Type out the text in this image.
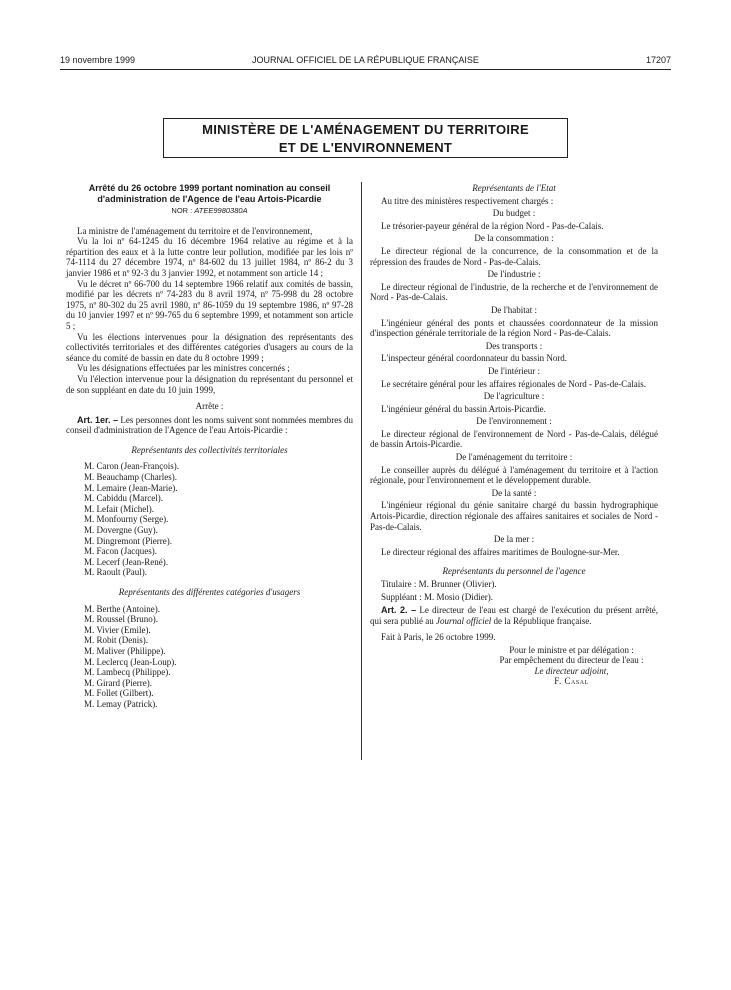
19 novembre 1999	JOURNAL OFFICIEL DE LA RÉPUBLIQUE FRANÇAISE	17207
MINISTÈRE DE L'AMÉNAGEMENT DU TERRITOIRE
ET DE L'ENVIRONNEMENT
Arrêté du 26 octobre 1999 portant nomination au conseil d'administration de l'Agence de l'eau Artois-Picardie
NOR : ATEE9980380A

La ministre de l'aménagement du territoire et de l'environnement,

Vu la loi nº 64-1245 du 16 décembre 1964 relative au régime et à la répartition des eaux et à la lutte contre leur pollution, modifiée par les lois nº 74-1114 du 27 décembre 1974, nº 84-602 du 13 juillet 1984, nº 86-2 du 3 janvier 1986 et nº 92-3 du 3 janvier 1992, et notamment son article 14 ;

Vu le décret nº 66-700 du 14 septembre 1966 relatif aux comités de bassin, modifié par les décrets nº 74-283 du 8 avril 1974, nº 75-998 du 28 octobre 1975, nº 80-302 du 25 avril 1980, nº 86-1059 du 19 septembre 1986, nº 97-28 du 10 janvier 1997 et nº 99-765 du 6 septembre 1999, et notamment son article 5 ;

Vu les élections intervenues pour la désignation des représentants des collectivités territoriales et des différentes catégories d'usagers au cours de la séance du comité de bassin en date du 8 octobre 1999 ;

Vu les désignations effectuées par les ministres concernés ;

Vu l'élection intervenue pour la désignation du représentant du personnel et de son suppléant en date du 10 juin 1999,

Arrête :

Art. 1er. – Les personnes dont les noms suivent sont nommées membres du conseil d'administration de l'Agence de l'eau Artois-Picardie :

Représentants des collectivités territoriales

M. Caron (Jean-François).
M. Beauchamp (Charles).
M. Lemaire (Jean-Marie).
M. Cabiddu (Marcel).
M. Lefait (Michel).
M. Monfourny (Serge).
M. Dovergne (Guy).
M. Dingremont (Pierre).
M. Facon (Jacques).
M. Lecerf (Jean-René).
M. Raoult (Paul).

Représentants des différentes catégories d'usagers

M. Berthe (Antoine).
M. Roussel (Bruno).
M. Vivier (Emile).
M. Robit (Denis).
M. Maliver (Philippe).
M. Leclercq (Jean-Loup).
M. Lambecq (Philippe).
M. Girard (Pierre).
M. Follet (Gilbert).
M. Lemay (Patrick).

Représentants de l'Etat

Au titre des ministères respectivement chargés :

Du budget :

Le trésorier-payeur général de la région Nord - Pas-de-Calais.

De la consommation :

Le directeur régional de la concurrence, de la consommation et de la répression des fraudes de Nord - Pas-de-Calais.

De l'industrie :

Le directeur régional de l'industrie, de la recherche et de l'environnement de Nord - Pas-de-Calais.

De l'habitat :

L'ingénieur général des ponts et chaussées coordonnateur de la mission d'inspection générale territoriale de la région Nord - Pas-de-Calais.

Des transports :

L'inspecteur général coordonnateur du bassin Nord.

De l'intérieur :

Le secrétaire général pour les affaires régionales de Nord - Pas-de-Calais.

De l'agriculture :

L'ingénieur général du bassin Artois-Picardie.

De l'environnement :

Le directeur régional de l'environnement de Nord - Pas-de-Calais, délégué de bassin Artois-Picardie.

De l'aménagement du territoire :

Le conseiller auprès du délégué à l'aménagement du territoire et à l'action régionale, pour l'environnement et le développement durable.

De la santé :

L'ingénieur régional du génie sanitaire chargé du bassin hydrographique Artois-Picardie, direction régionale des affaires sanitaires et sociales de Nord - Pas-de-Calais.

De la mer :

Le directeur régional des affaires maritimes de Boulogne-sur-Mer.

Représentants du personnel de l'agence

Titulaire : M. Brunner (Olivier).

Suppléant : M. Mosio (Didier).

Art. 2. – Le directeur de l'eau est chargé de l'exécution du présent arrêté, qui sera publié au Journal officiel de la République française.

Fait à Paris, le 26 octobre 1999.

Pour le ministre et par délégation :
Par empêchement du directeur de l'eau :
Le directeur adjoint,
F. Casal
